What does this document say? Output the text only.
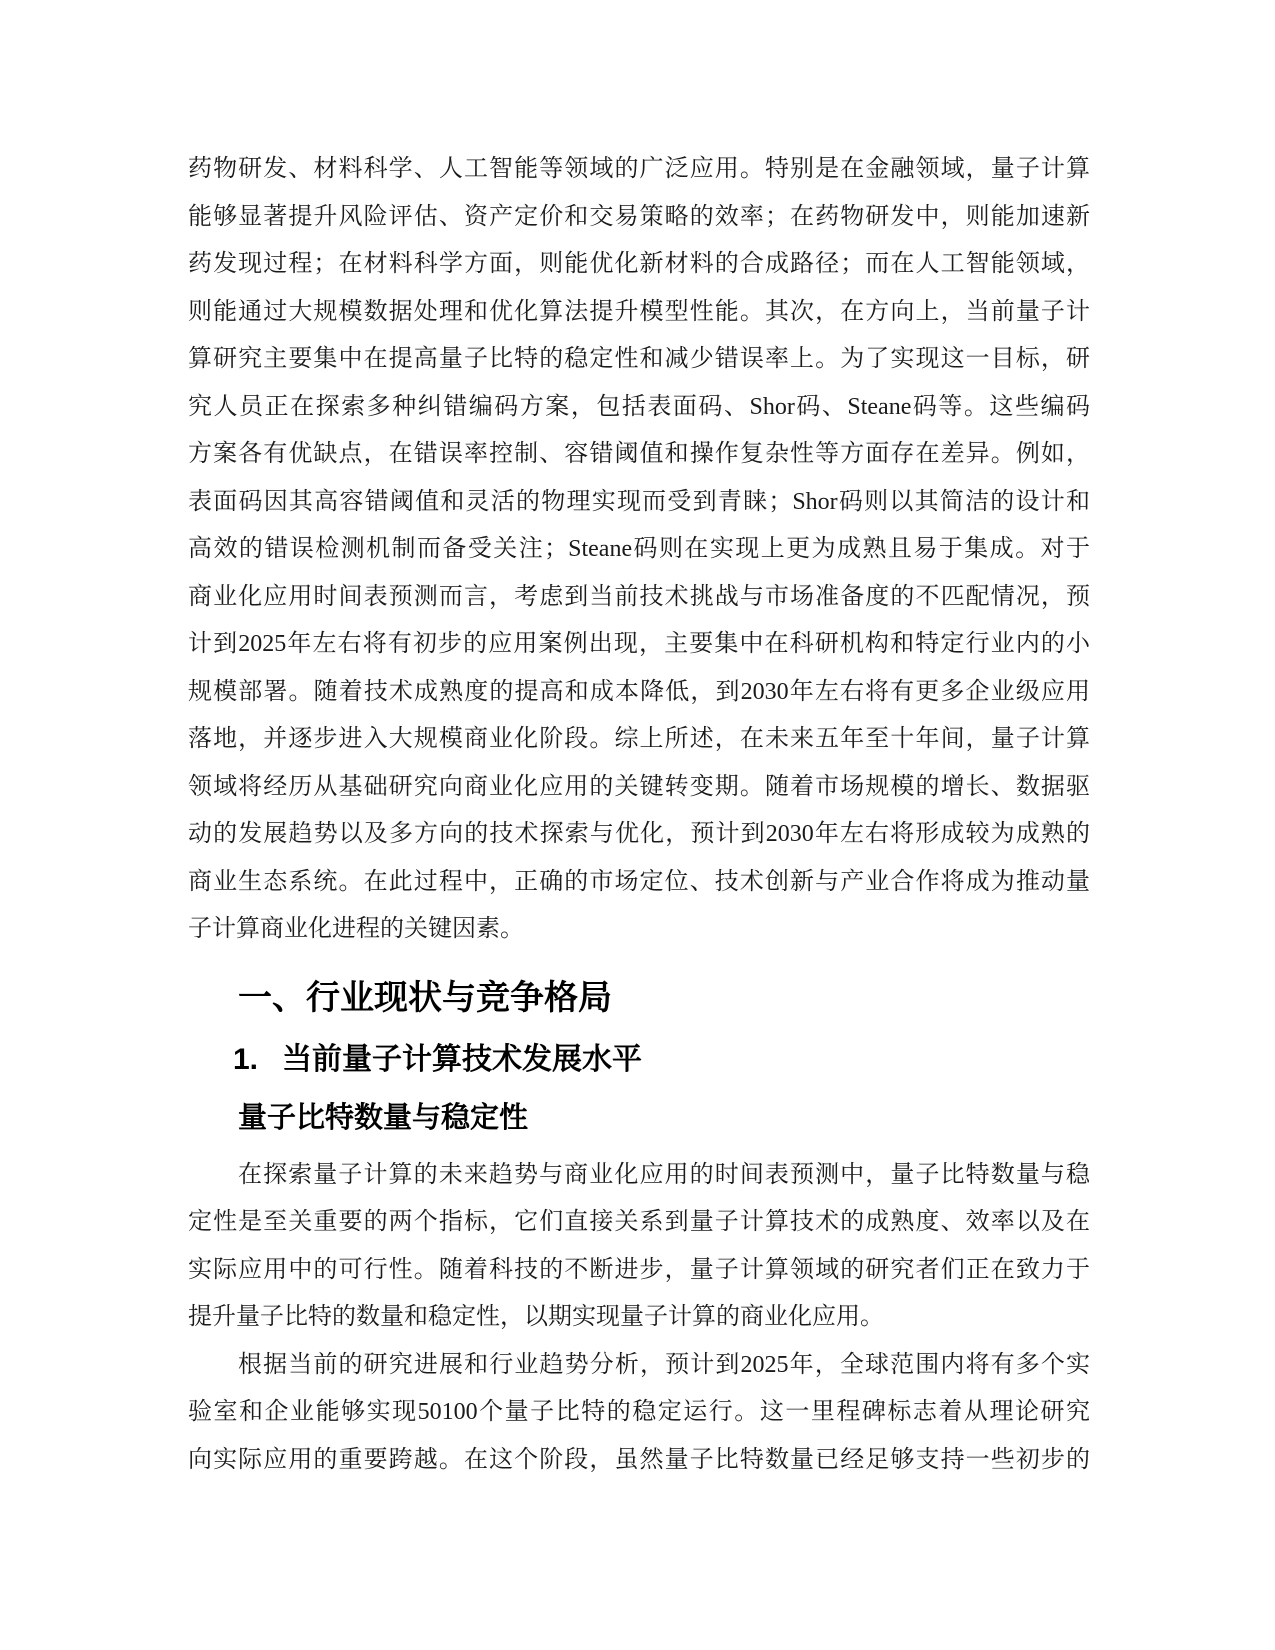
药物研发、材料科学、人工智能等领域的广泛应用。特别是在金融领域，量子计算
能够显著提升风险评估、资产定价和交易策略的效率；在药物研发中，则能加速新
药发现过程；在材料科学方面，则能优化新材料的合成路径；而在人工智能领域，
则能通过大规模数据处理和优化算法提升模型性能。其次，在方向上，当前量子计
算研究主要集中在提高量子比特的稳定性和减少错误率上。为了实现这一目标，研
究人员正在探索多种纠错编码方案，包括表面码、Shor码、Steane码等。这些编码
方案各有优缺点，在错误率控制、容错阈值和操作复杂性等方面存在差异。例如，
表面码因其高容错阈值和灵活的物理实现而受到青睐；Shor码则以其简洁的设计和
高效的错误检测机制而备受关注；Steane码则在实现上更为成熟且易于集成。对于
商业化应用时间表预测而言，考虑到当前技术挑战与市场准备度的不匹配情况，预
计到2025年左右将有初步的应用案例出现，主要集中在科研机构和特定行业内的小
规模部署。随着技术成熟度的提高和成本降低，到2030年左右将有更多企业级应用
落地，并逐步进入大规模商业化阶段。综上所述，在未来五年至十年间，量子计算
领域将经历从基础研究向商业化应用的关键转变期。随着市场规模的增长、数据驱
动的发展趋势以及多方向的技术探索与优化，预计到2030年左右将形成较为成熟的
商业生态系统。在此过程中，正确的市场定位、技术创新与产业合作将成为推动量
子计算商业化进程的关键因素。
一、行业现状与竞争格局
1. 当前量子计算技术发展水平
量子比特数量与稳定性
在探索量子计算的未来趋势与商业化应用的时间表预测中，量子比特数量与稳
定性是至关重要的两个指标，它们直接关系到量子计算技术的成熟度、效率以及在
实际应用中的可行性。随着科技的不断进步，量子计算领域的研究者们正在致力于
提升量子比特的数量和稳定性，以期实现量子计算的商业化应用。
根据当前的研究进展和行业趋势分析，预计到2025年，全球范围内将有多个实
验室和企业能够实现50100个量子比特的稳定运行。这一里程碑标志着从理论研究
向实际应用的重要跨越。在这个阶段，虽然量子比特数量已经足够支持一些初步的
